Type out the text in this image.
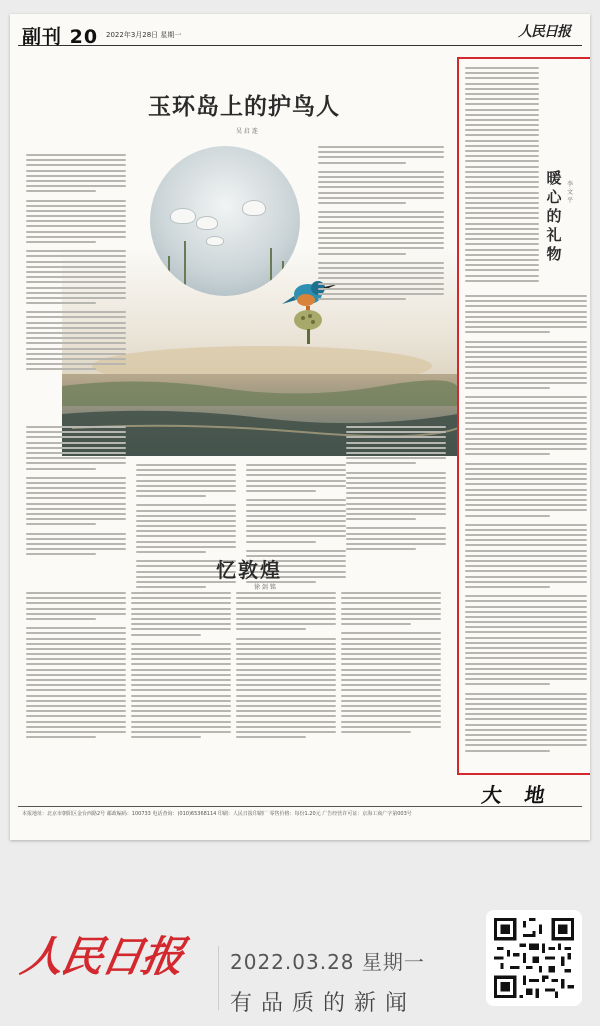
副刊 20 2022年3月28日 星期一	人民日报
玉环岛上的护鸟人
吴 启 连
忆敦煌
徐 剑 铭
暖心的礼物
李 文 平
大 地
本报地址：北京市朝阳区金台西路2号 邮政编码：100733 电话查询：(010)65368114 印刷：人民日报印刷厂 零售价格：每份1.20元 广告经营许可证：京海工商广字第003号
人民日报 2022.03.28 星期一
有品质的新闻
